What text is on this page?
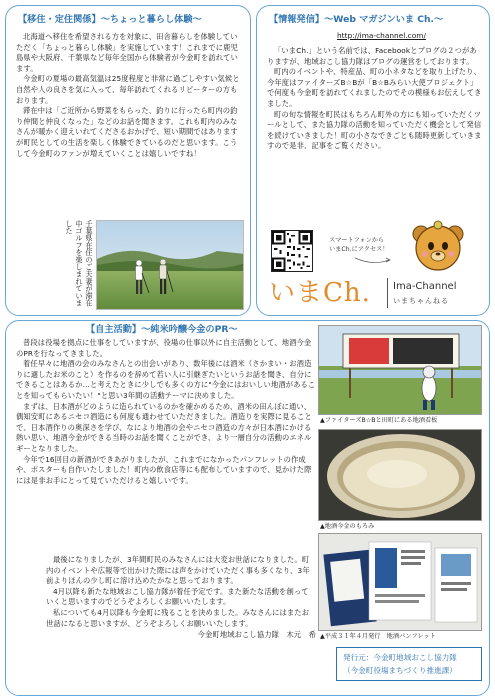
【移住・定住関係】～ちょっと暮らし体験～

北海道へ移住を希望される方を対象に、田舎暮らしを体験していただく「ちょっと暮らし体験」を実施しています！これまでに鹿児島県や大阪府、千葉県など毎年全国から体験者が今金町を訪れています。

今金町の夏場の最高気温は25度程度と非常に過ごしやすい気候と自然や人の良さを気に入って、毎年訪れてくれるリピーターの方もおります。

滞在中は「ご近所から野菜をもらった、釣りに行ったら町内の釣り仲間と仲良くなった」などのお話を聞きます。これも町内のみなさんが暖かく迎えいれてくださるおかげで、短い期間ではありますが町民としての生活を楽しく体験できているのだと思います。こうして今金町のファンが増えていくことは嬉しいですね！

千葉県在住のご夫妻が滞在中ゴルフを楽しまれていました
【情報発信】～Web マガジンいま Ch.～
http://ima-channel.com/

「いまCh.」という名前では、Facebookとブログの２つがありますが、地域おこし協力隊はブログの運営をしております。

町内のイベントや、特産品、町の小ネタなどを取り上げたり、今年度はファイターズB☆Bが「B☆Bみらい大使プロジェクト」で何度も今金町を訪れてくれましたのでその模様もお伝えしてきました。

町の旬な情報を町民はもちろん町外の方にも知っていただくツールとして、また協力隊の活動を知っていただく機会として発信を続けていきました！町の小さなできごとも随時更新していきますので是非、記事をご覧ください。

スマートフォンから
いまCh.にアクセス！
いまCh. Ima-Channel
いまちゃんねる
【自主活動】～純米吟醸今金のPR～

普段は役場を拠点に仕事をしていますが、役場の仕事以外に自主活動として、地酒今金のPRを行なってきました。

着任早々に地酒の会のみなさんとの出会いがあり、数年後には酒米（さかまい・お酒造りに適したお米のこと）を作るのを辞めて若い人に引継ぎたいというお話を聞き、自分にできることはあるか…と考えたときに少しでも多くの方に"今金にはおいしい地酒があることを知ってもらいたい！"と思い3年間の活動テーマに決めました。

まずは、日本酒がどのように造られているのかを確かめるため、酒米の田んぼに通い、偶知安町にあるニセコ酒造にも何度も通わせていただきました。酒造りを実際に見ることで、日本酒作りの奥深さを学び、なにより地酒の会やニセコ酒造の方々が日本酒にかける熱い思い、地酒今金ができる当時のお話を聞くことができ、より一層自分の活動のエネルギーとなりました。

今年で16回目の新酒ができあがりましたが、これまでになかったパンフレットの作成や、ポスターも自作いたしました！町内の飲食店等にも配布していますので、見かけた際には是非お手にとって見ていただけると嬉しいです。

最後になりましたが、3年間町民のみなさんには大変お世話になりました。町内のイベントや広報等で出かけた際には声をかけていただく事も多くなり、3年前よりほんの少し町に溶け込めたかなと思っております。

4月以降も新たな地域おこし協力隊が着任予定です。また新たな活動を創っていくと思いますのでどうぞよろしくお願いいたします。

私についても4月以降も今金町に残ることを決めました。みなさんにはまたお世話になると思いますが、どうぞよろしくお願いいたします。

今金町地域おこし協力隊　木元　希

▲ファイターズB☆Bと田町にある地酒看板
▲地酒今金のもろみ
▲平成３１年４月発行　地酒パンフレット
発行元：今金町地域おこし協力隊
（今金町役場まちづくり推進課）
